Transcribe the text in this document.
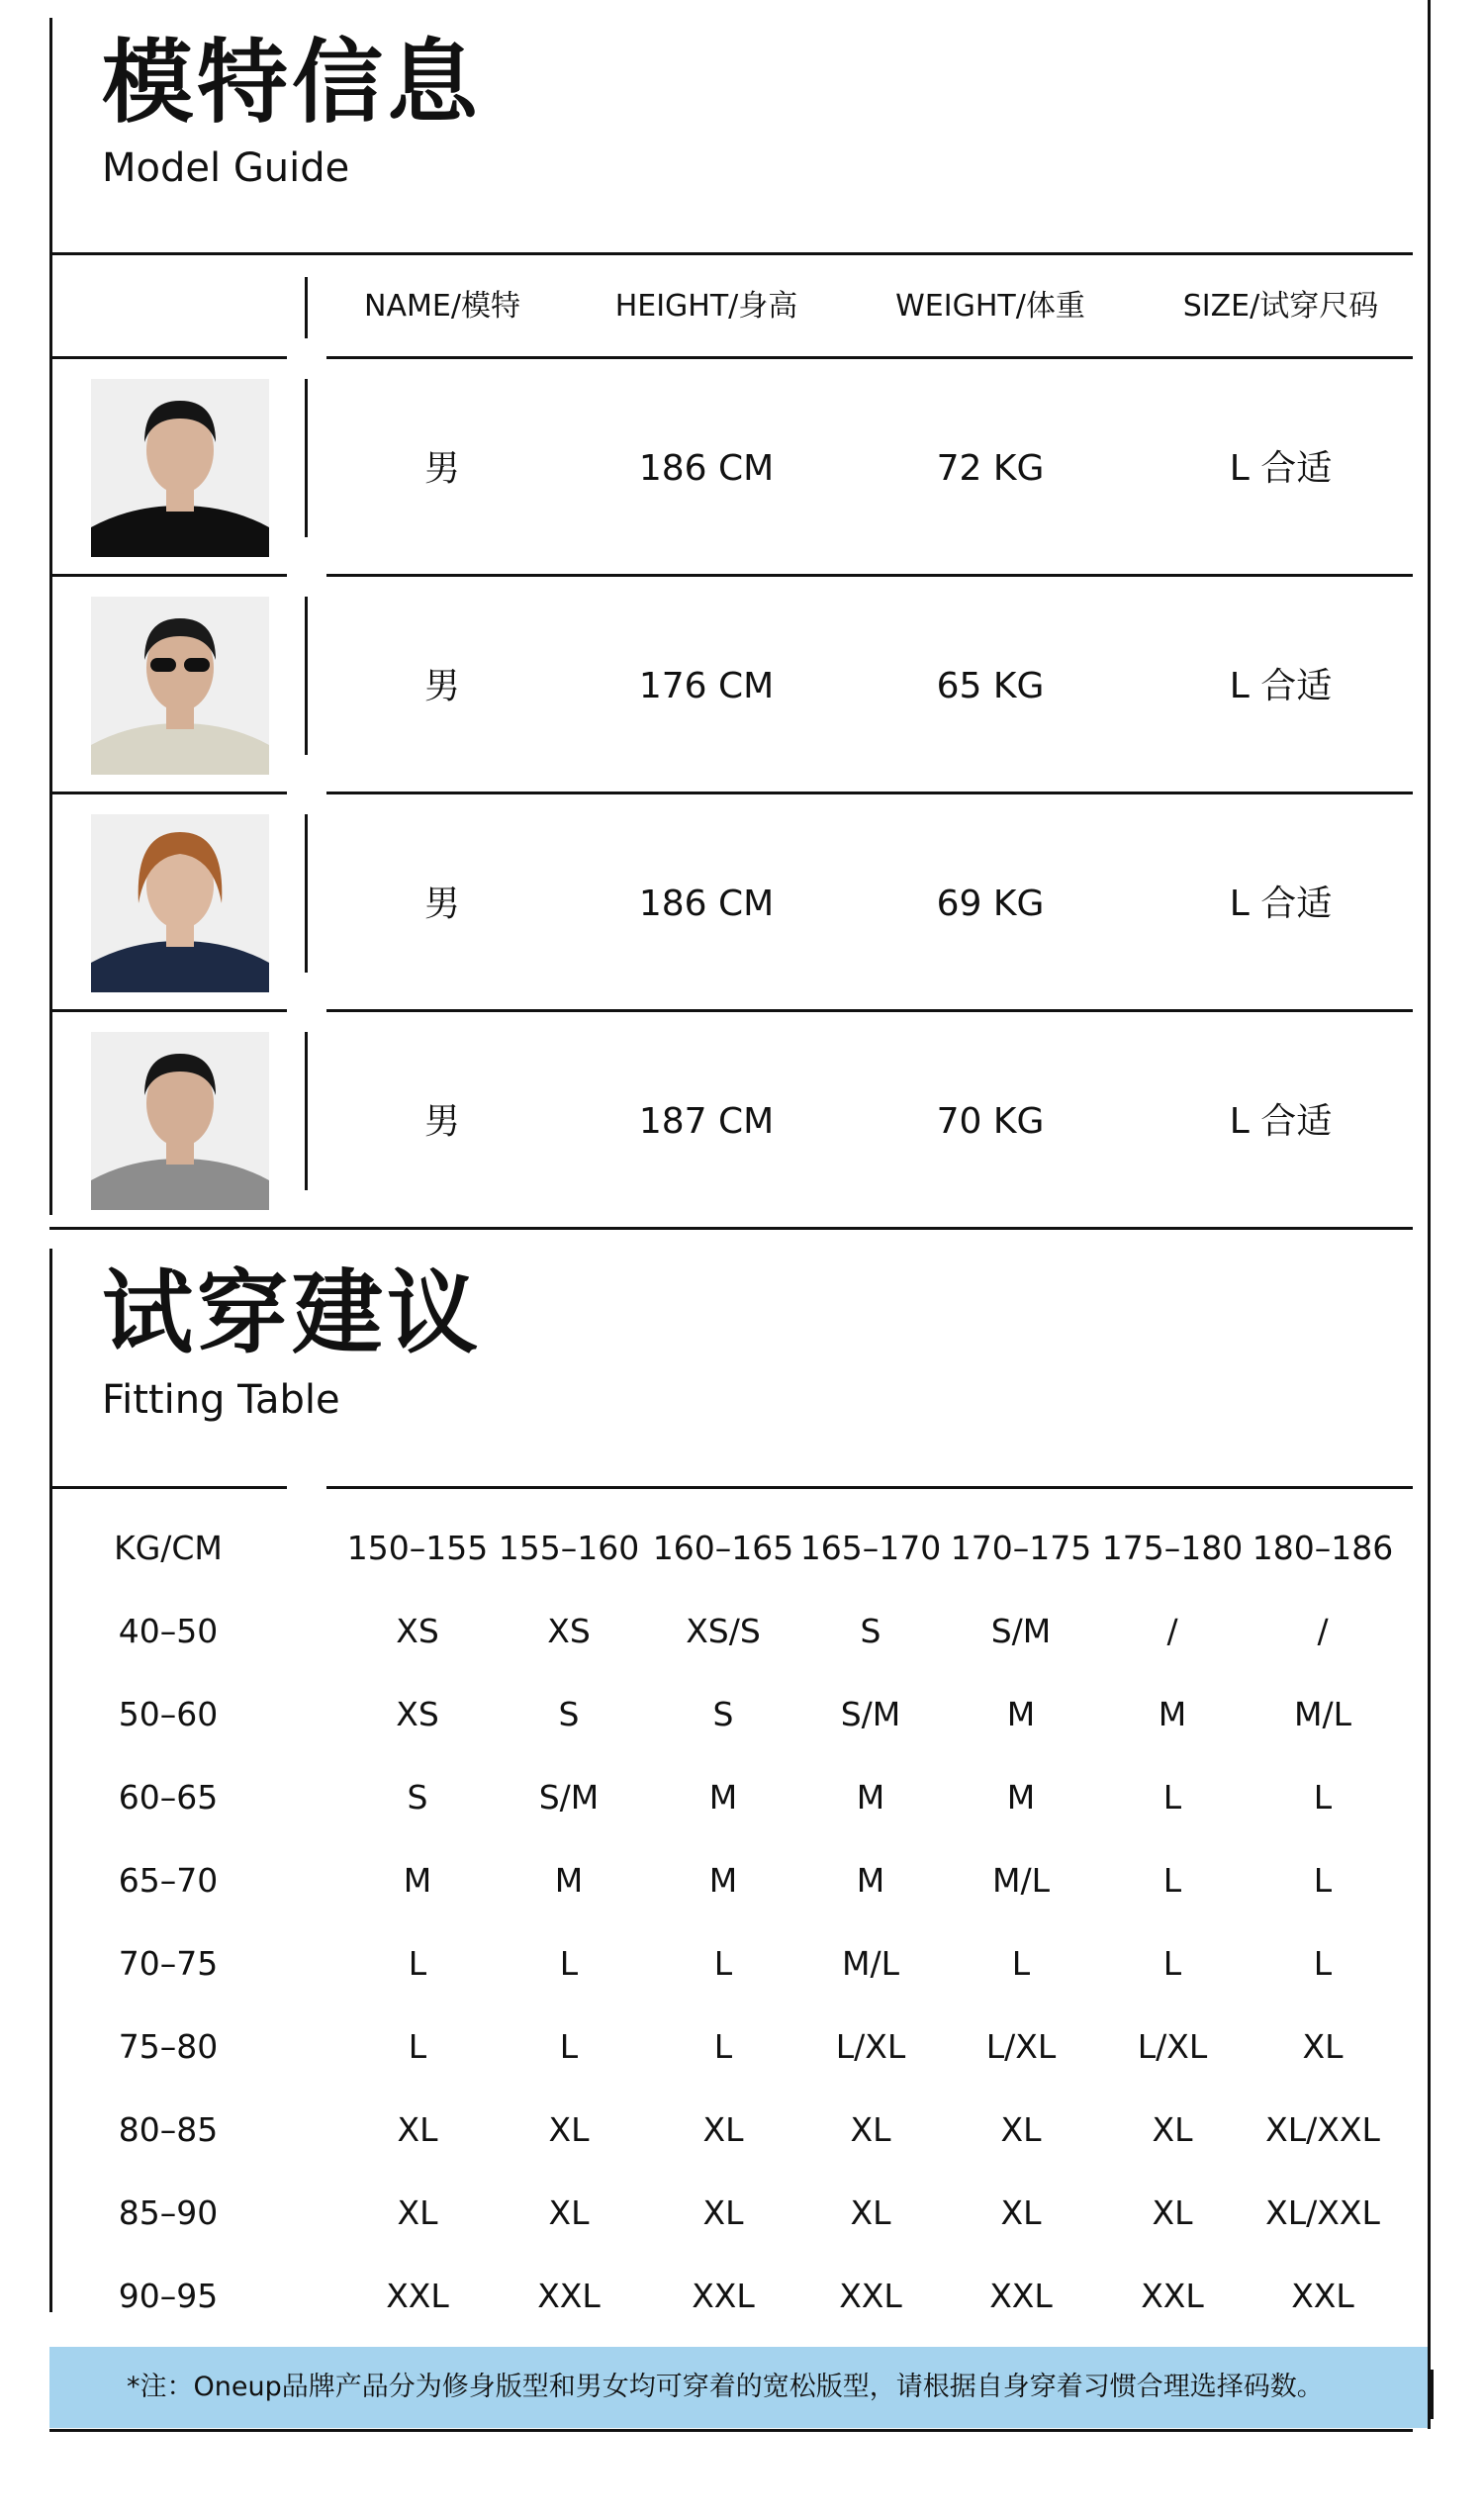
模特信息
Model Guide
NAME/模特	HEIGHT/身高	WEIGHT/体重	SIZE/试穿尺码
男	186 CM	72 KG	L 合适
男	176 CM	65 KG	L 合适
男	186 CM	69 KG	L 合适
男	187 CM	70 KG	L 合适
试穿建议
Fitting Table
KG/CM	150–155 155–160 160–165 165–170 170–175 175–180 180–186
40–50	XS	XS	XS/S	S	S/M	/	/
50–60	XS	S	S	S/M	M	M	M/L
60–65	S	S/M	M	M	M	L	L
65–70	M	M	M	M	M/L	L	L
70–75	L	L	L	M/L	L	L	L
75–80	L	L	L	L/XL	L/XL	L/XL	XL
80–85	XL	XL	XL	XL	XL	XL	XL/XXL
85–90	XL	XL	XL	XL	XL	XL	XL/XXL
90–95	XXL	XXL	XXL	XXL	XXL	XXL	XXL
*注：Oneup品牌产品分为修身版型和男女均可穿着的宽松版型，请根据自身穿着习惯合理选择码数。
